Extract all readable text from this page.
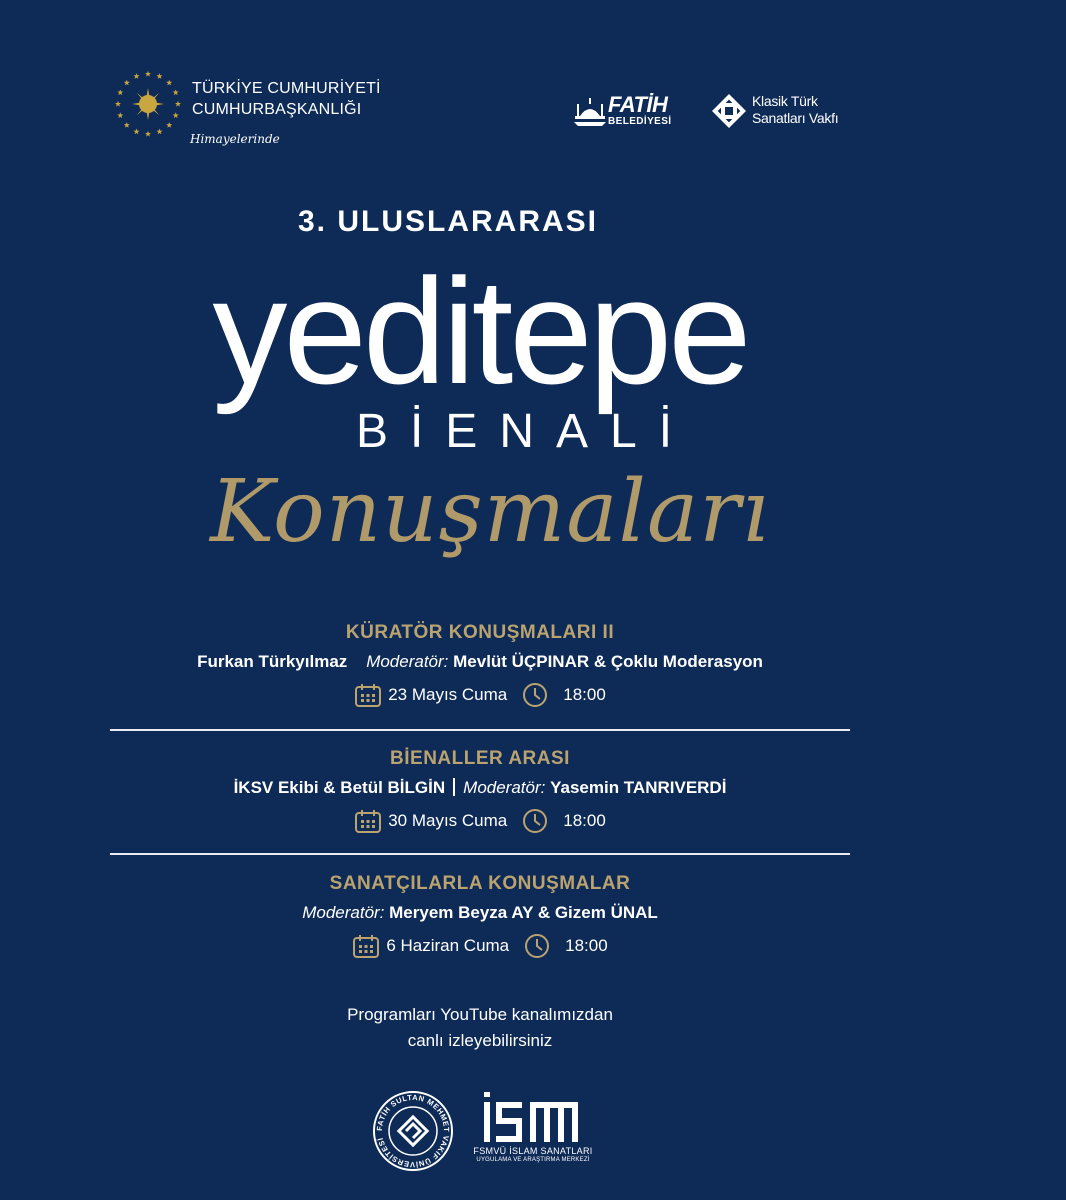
TÜRKİYE CUMHURİYETİ
CUMHURBAŞKANLIĞI
Himayelerinde
FATİH
BELEDİYESİ
Klasik Türk
Sanatları Vakfı
3. ULUSLARARASI
yeditepe
BİENALİ
Konuşmaları
KÜRATÖR KONUŞMALARI II
Furkan Türkyılmaz Moderatör: Mevlüt ÜÇPINAR & Çoklu Moderasyon
23 Mayıs Cuma	18:00
BİENALLER ARASI
İKSV Ekibi & Betül BİLGİN Moderatör: Yasemin TANRIVERDİ
30 Mayıs Cuma	18:00
SANATÇILARLA KONUŞMALAR
Moderatör: Meryem Beyza AY & Gizem ÜNAL
6 Haziran Cuma	18:00
Programları YouTube kanalımızdan
canlı izleyebilirsiniz
FATİH SULTAN MEHMET VAKIF ÜNİVERSİTESİ
FSMVÜ İSLAM SANATLARI
UYGULAMA VE ARAŞTIRMA MERKEZİ
